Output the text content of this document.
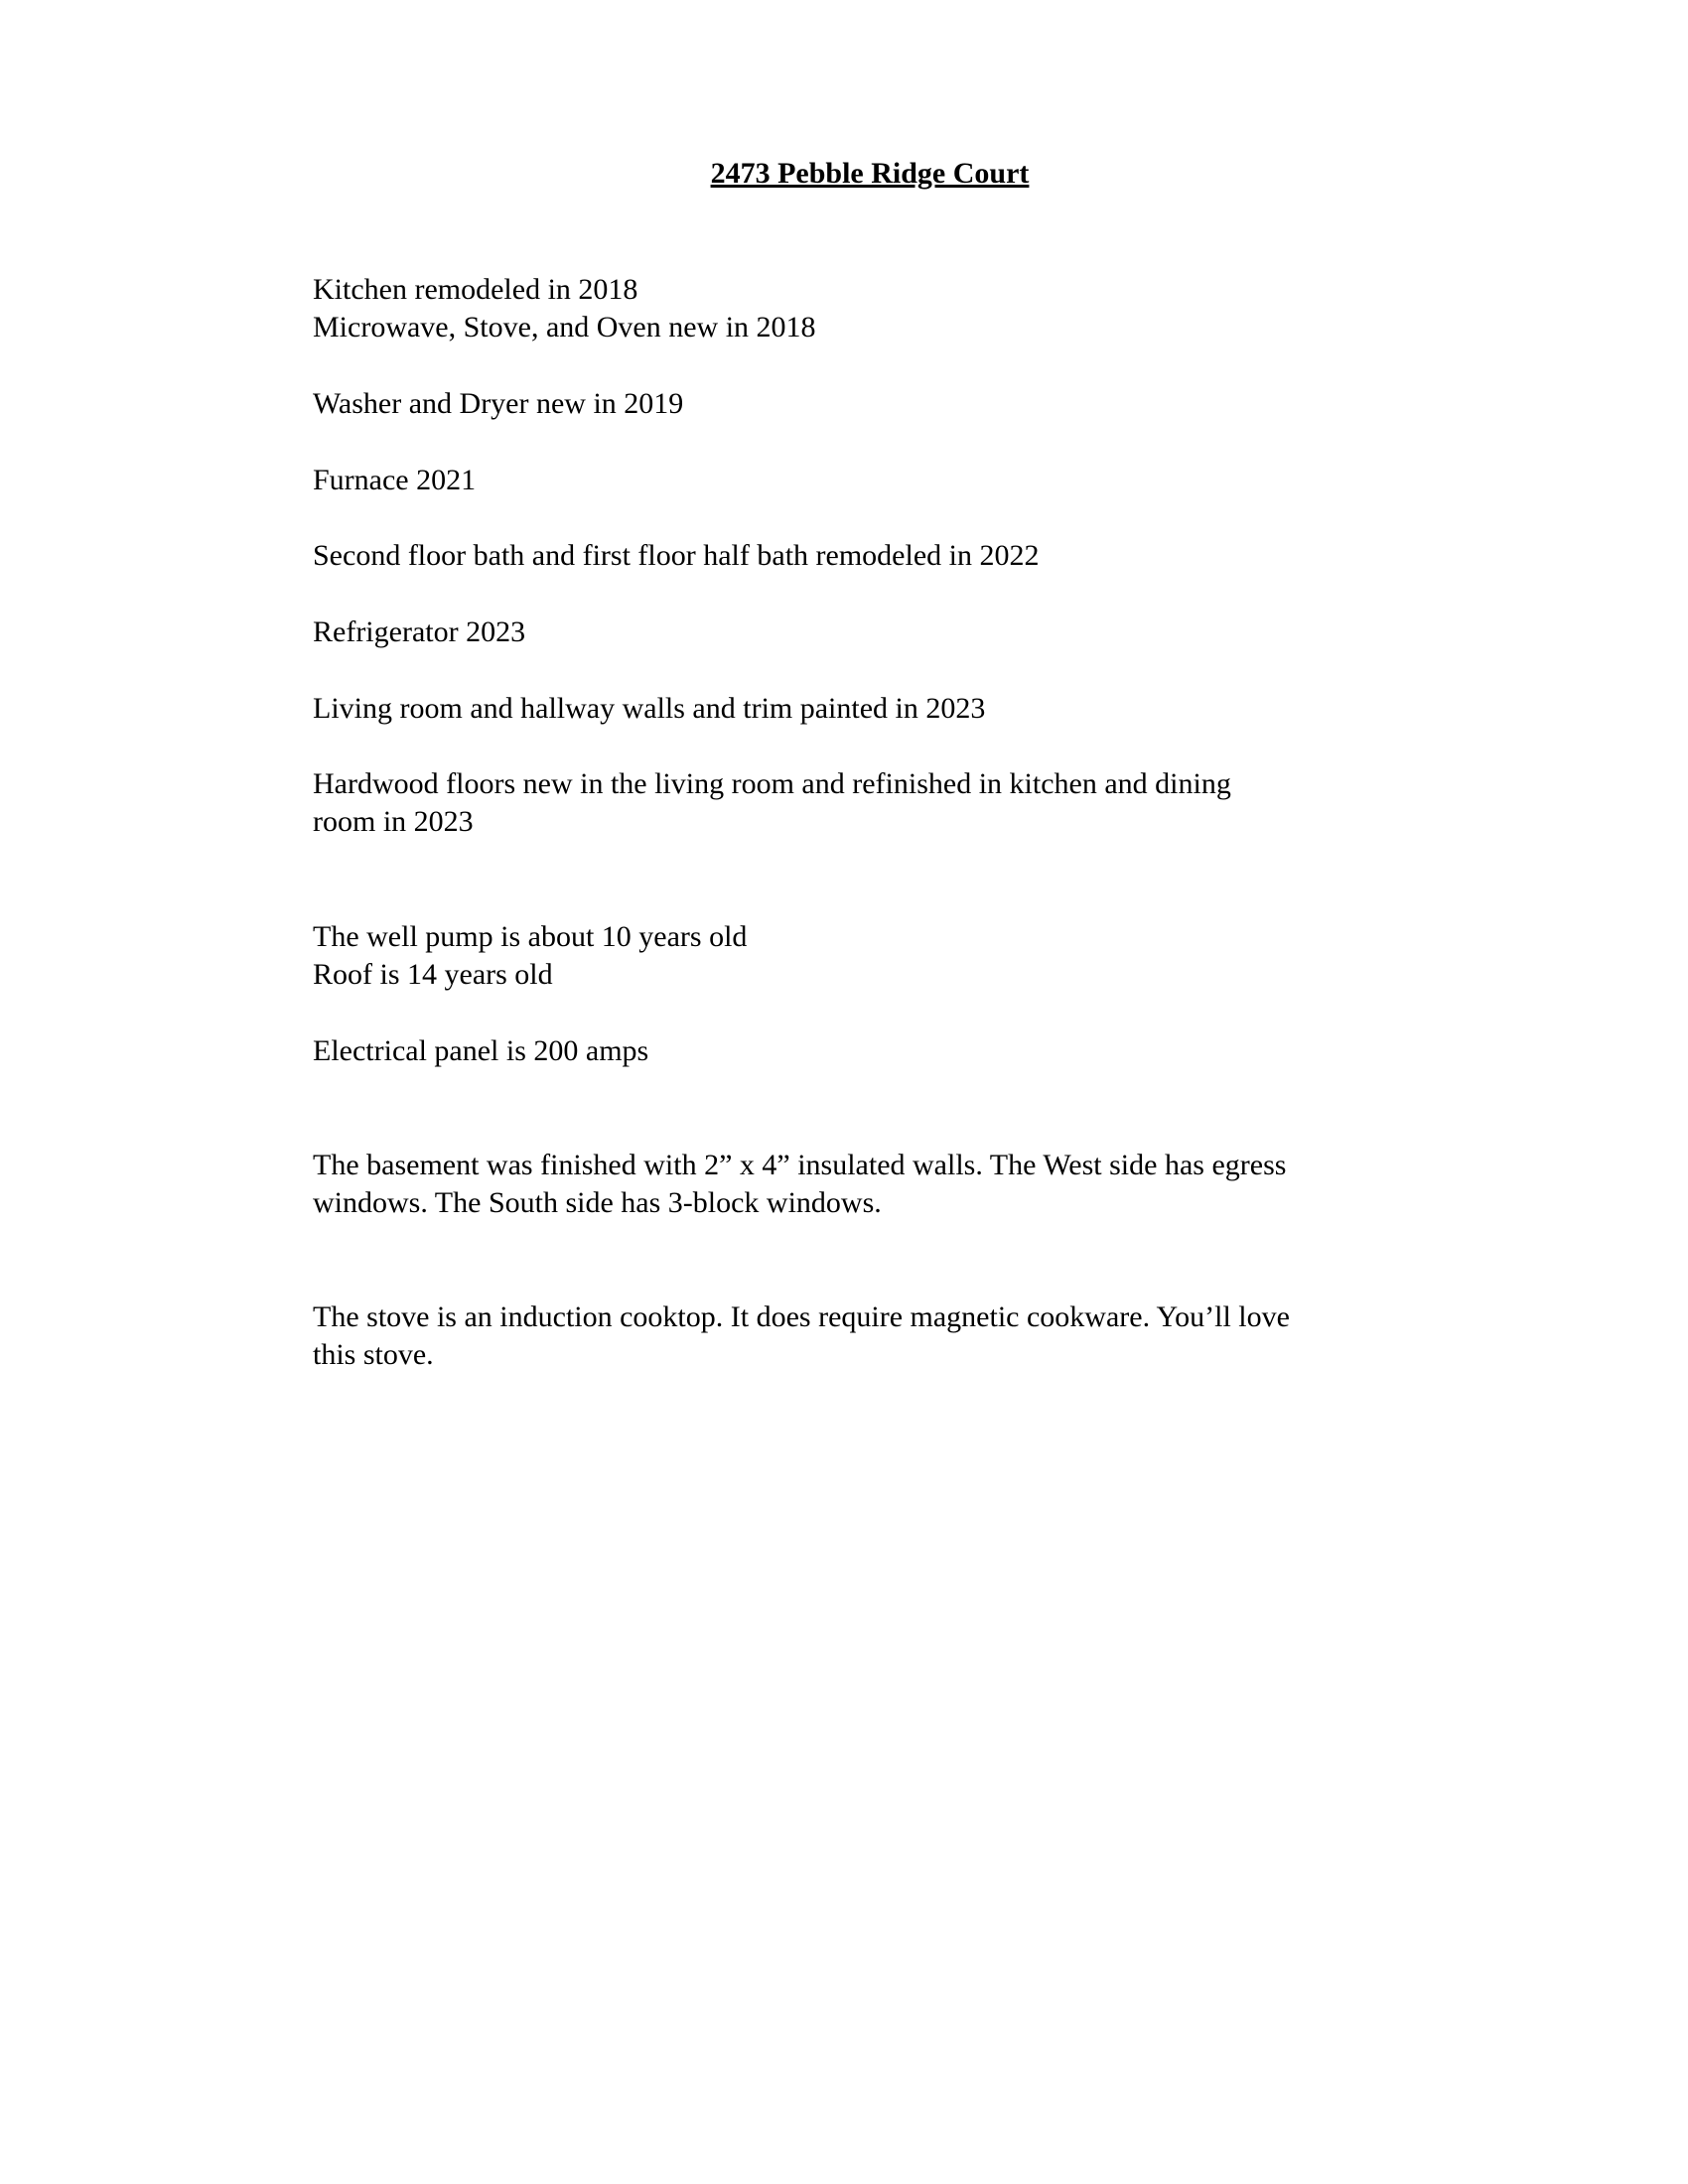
2473 Pebble Ridge Court
Kitchen remodeled in 2018
Microwave, Stove, and Oven new in 2018
Washer and Dryer new in 2019
Furnace 2021
Second floor bath and first floor half bath remodeled in 2022
Refrigerator 2023
Living room and hallway walls and trim painted in 2023
Hardwood floors new in the living room and refinished in kitchen and dining
room in 2023
The well pump is about 10 years old
Roof is 14 years old
Electrical panel is 200 amps
The basement was finished with 2” x 4” insulated walls. The West side has egress
windows. The South side has 3-block windows.
The stove is an induction cooktop. It does require magnetic cookware. You’ll love
this stove.
